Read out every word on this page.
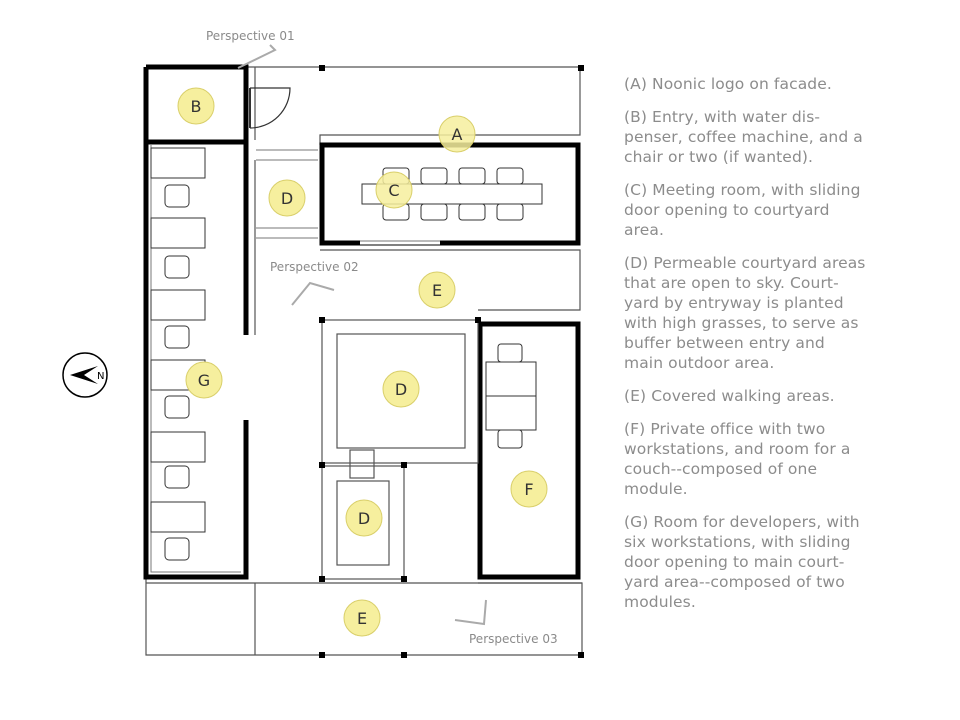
N
A
B
C
D
E
D
G
F
D
E
Perspective 01
Perspective 02
Perspective 03

(A) Noonic logo on facade.

(B) Entry, with water dis-
penser, coffee machine, and a
chair or two (if wanted).

(C) Meeting room, with sliding
door opening to courtyard
area.

(D) Permeable courtyard areas
that are open to sky. Court-
yard by entryway is planted
with high grasses, to serve as
buffer between entry and
main outdoor area.

(E) Covered walking areas.

(F) Private office with two
workstations, and room for a
couch--composed of one
module.

(G) Room for developers, with
six workstations, with sliding
door opening to main court-
yard area--composed of two
modules.
